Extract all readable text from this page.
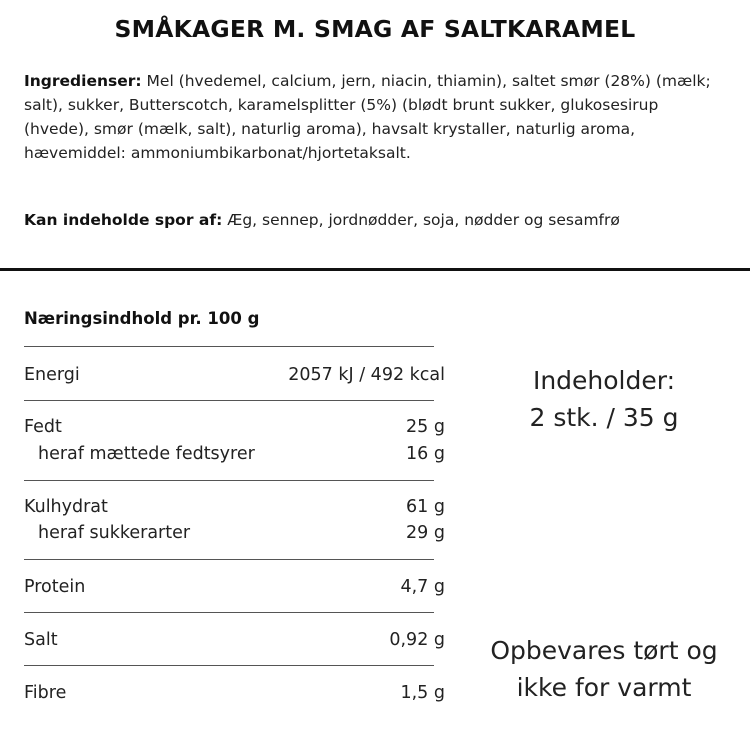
SMÅKAGER M. SMAG AF SALTKARAMEL

Ingredienser: Mel (hvedemel, calcium, jern, niacin, thiamin), saltet smør (28%) (mælk; salt), sukker, Butterscotch, karamelsplitter (5%) (blødt brunt sukker, glukosesirup (hvede), smør (mælk, salt), naturlig aroma), havsalt krystaller, naturlig aroma, hævemiddel: ammoniumbikarbonat/hjortetaksalt.

Kan indeholde spor af: Æg, sennep, jordnødder, soja, nødder og sesamfrø

Næringsindhold pr. 100 g
Energi	2057 kJ / 492 kcal
Fedt	25 g
heraf mættede fedtsyrer	16 g
Kulhydrat	61 g
heraf sukkerarter	29 g
Protein	4,7 g
Salt	0,92 g
Fibre	1,5 g
Indeholder:
2 stk. / 35 g
Opbevares tørt og
ikke for varmt
